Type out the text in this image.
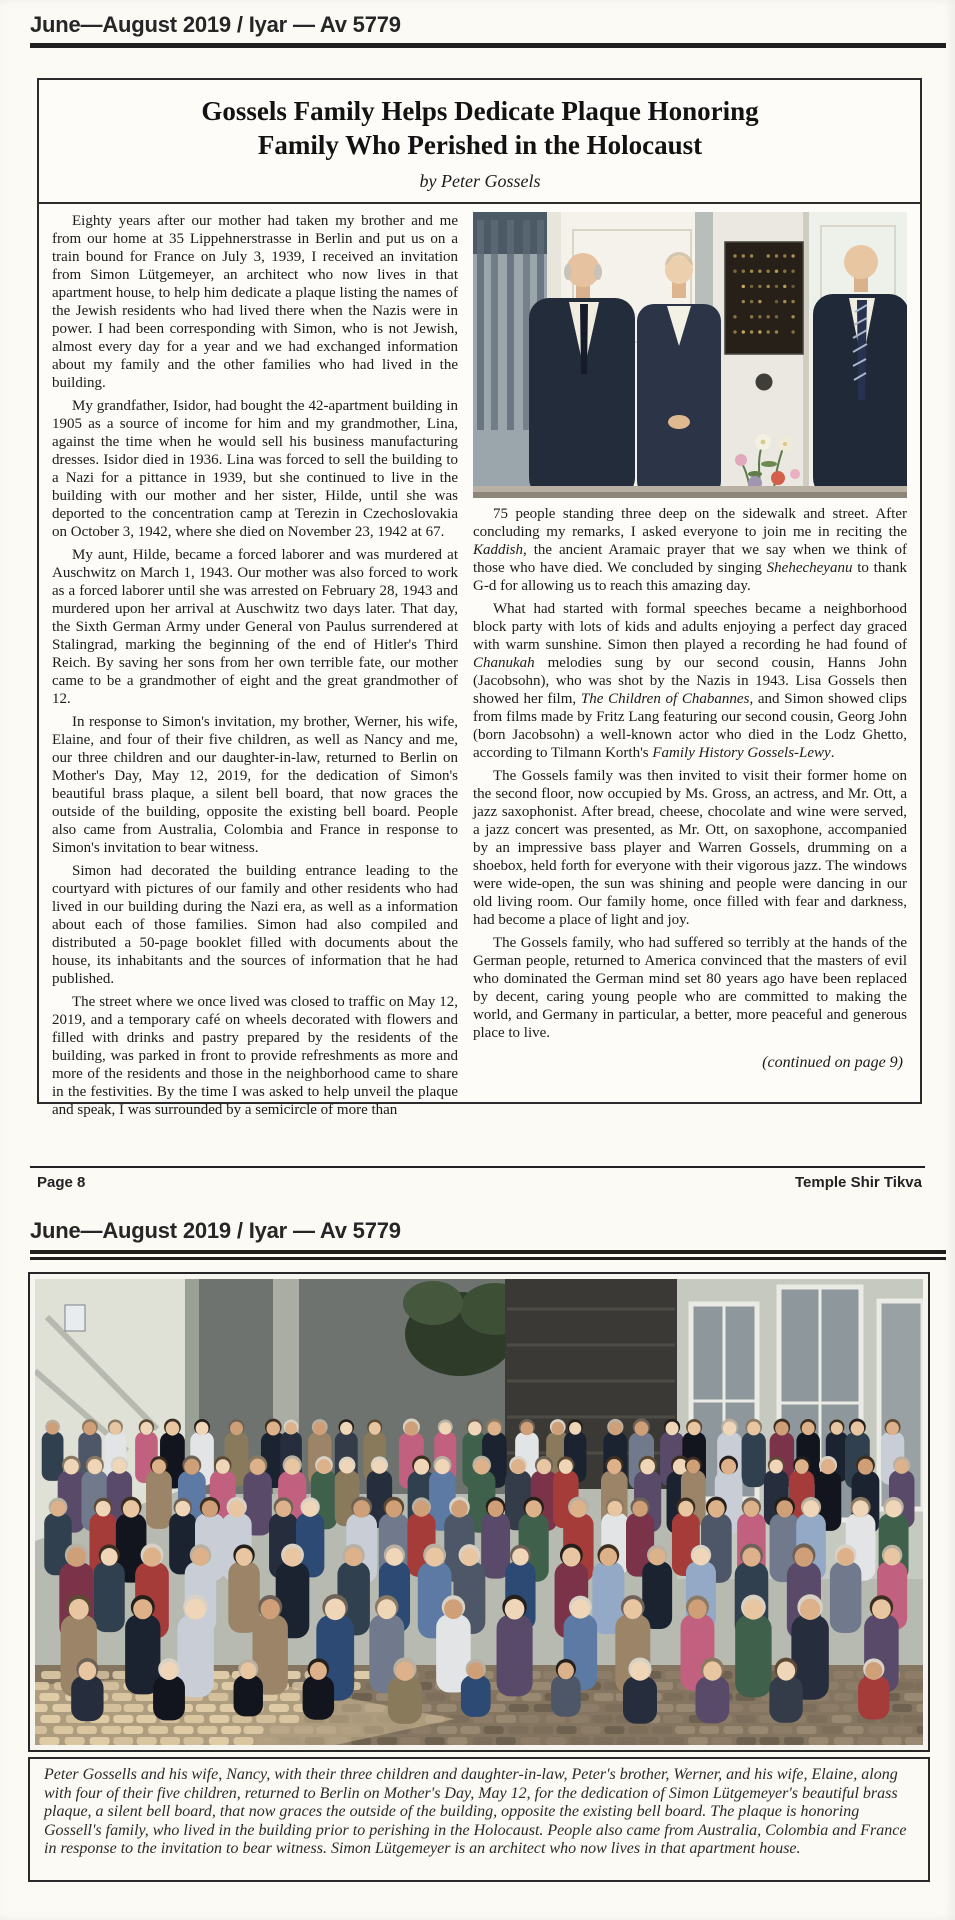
June—August 2019 / Iyar — Av 5779
Gossels Family Helps Dedicate Plaque Honoring
Family Who Perished in the Holocaust
by Peter Gossels

Eighty years after our mother had taken my brother and me from our home at 35 Lippehnerstrasse in Berlin and put us on a train bound for France on July 3, 1939, I received an invitation from Simon Lütgemeyer, an architect who now lives in that apartment house, to help him dedicate a plaque listing the names of the Jewish residents who had lived there when the Nazis were in power. I had been corresponding with Simon, who is not Jewish, almost every day for a year and we had exchanged information about my family and the other families who had lived in the building.

My grandfather, Isidor, had bought the 42-apartment building in 1905 as a source of income for him and my grandmother, Lina, against the time when he would sell his business manufacturing dresses. Isidor died in 1936. Lina was forced to sell the building to a Nazi for a pittance in 1939, but she continued to live in the building with our mother and her sister, Hilde, until she was deported to the concentration camp at Terezin in Czechoslovakia on October 3, 1942, where she died on November 23, 1942 at 67.

My aunt, Hilde, became a forced laborer and was murdered at Auschwitz on March 1, 1943. Our mother was also forced to work as a forced laborer until she was arrested on February 28, 1943 and murdered upon her arrival at Auschwitz two days later. That day, the Sixth German Army under General von Paulus surrendered at Stalingrad, marking the beginning of the end of Hitler's Third Reich. By saving her sons from her own terrible fate, our mother came to be a grandmother of eight and the great grandmother of 12.

In response to Simon's invitation, my brother, Werner, his wife, Elaine, and four of their five children, as well as Nancy and me, our three children and our daughter-in-law, returned to Berlin on Mother's Day, May 12, 2019, for the dedication of Simon's beautiful brass plaque, a silent bell board, that now graces the outside of the building, opposite the existing bell board. People also came from Australia, Colombia and France in response to Simon's invitation to bear witness.

Simon had decorated the building entrance leading to the courtyard with pictures of our family and other residents who had lived in our building during the Nazi era, as well as a information about each of those families. Simon had also compiled and distributed a 50-page booklet filled with documents about the house, its inhabitants and the sources of information that he had published.

The street where we once lived was closed to traffic on May 12, 2019, and a temporary café on wheels decorated with flowers and filled with drinks and pastry prepared by the residents of the building, was parked in front to provide refreshments as more and more of the residents and those in the neighborhood came to share in the festivities. By the time I was asked to help unveil the plaque and speak, I was surrounded by a semicircle of more than

75 people standing three deep on the sidewalk and street. After concluding my remarks, I asked everyone to join me in reciting the Kaddish, the ancient Aramaic prayer that we say when we think of those who have died. We concluded by singing Shehecheyanu to thank G-d for allowing us to reach this amazing day.

What had started with formal speeches became a neighborhood block party with lots of kids and adults enjoying a perfect day graced with warm sunshine. Simon then played a recording he had found of Chanukah melodies sung by our second cousin, Hanns John (Jacobsohn), who was shot by the Nazis in 1943. Lisa Gossels then showed her film, The Children of Chabannes, and Simon showed clips from films made by Fritz Lang featuring our second cousin, Georg John (born Jacobsohn) a well-known actor who died in the Lodz Ghetto, according to Tilmann Korth's Family History Gossels-Lewy.

The Gossels family was then invited to visit their former home on the second floor, now occupied by Ms. Gross, an actress, and Mr. Ott, a jazz saxophonist. After bread, cheese, chocolate and wine were served, a jazz concert was presented, as Mr. Ott, on saxophone, accompanied by an impressive bass player and Warren Gossels, drumming on a shoebox, held forth for everyone with their vigorous jazz. The windows were wide-open, the sun was shining and people were dancing in our old living room. Our family home, once filled with fear and darkness, had become a place of light and joy.

The Gossels family, who had suffered so terribly at the hands of the German people, returned to America convinced that the masters of evil who dominated the German mind set 80 years ago have been replaced by decent, caring young people who are committed to making the world, and Germany in particular, a better, more peaceful and generous place to live.

(continued on page 9)
Page 8	Temple Shir Tikva
June—August 2019 / Iyar — Av 5779
Peter Gossells and his wife, Nancy, with their three children and daughter-in-law, Peter's brother, Werner, and his wife, Elaine, along with four of their five children, returned to Berlin on Mother's Day, May 12, for the dedication of Simon Lütgemeyer's beautiful brass plaque, a silent bell board, that now graces the outside of the building, opposite the existing bell board. The plaque is honoring Gossell's family, who lived in the building prior to perishing in the Holocaust. People also came from Australia, Colombia and France in response to the invitation to bear witness. Simon Lütgemeyer is an architect who now lives in that apartment house.
